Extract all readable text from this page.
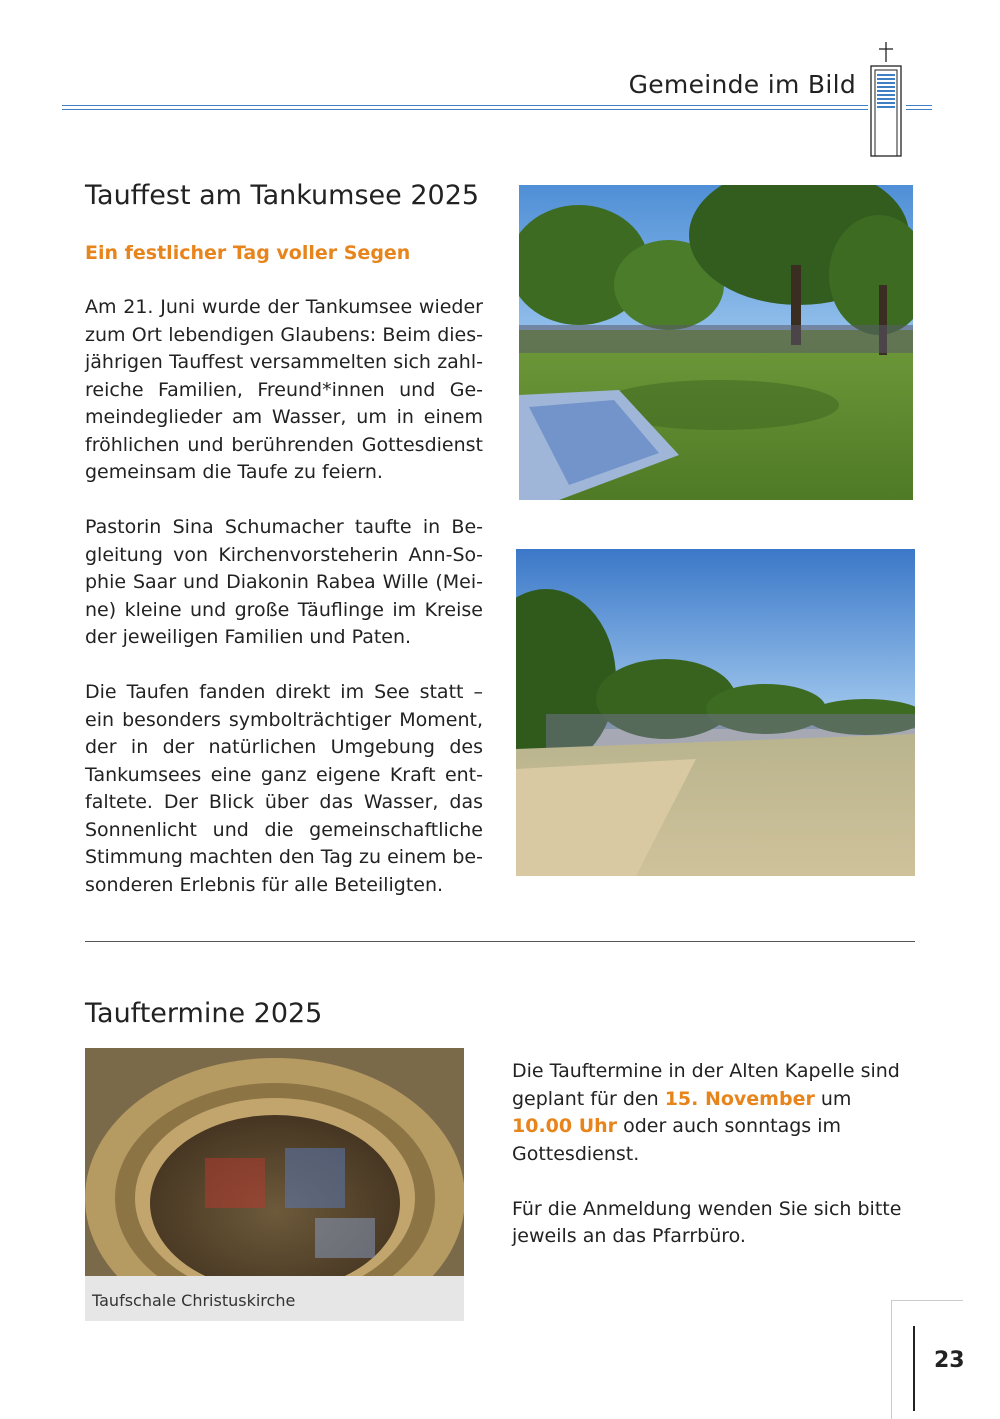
Gemeinde im Bild
Tauffest am Tankumsee 2025
Ein festlicher Tag voller Segen

Am 21. Juni wurde der Tankumsee wieder zum Ort lebendigen Glaubens: Beim diesjährigen Tauffest versammelten sich zahlreiche Familien, Freund*innen und Gemeindeglieder am Wasser, um in einem fröhlichen und berührenden Gottesdienst gemeinsam die Taufe zu feiern.

Pastorin Sina Schumacher taufte in Begleitung von Kirchenvorsteherin Ann-Sophie Saar und Diakonin Rabea Wille (Meine) kleine und große Täuflinge im Kreise der jeweiligen Familien und Paten.

Die Taufen fanden direkt im See statt – ein besonders symbolträchtiger Moment, der in der natürlichen Umgebung des Tankumsees eine ganz eigene Kraft entfaltete. Der Blick über das Wasser, das Sonnenlicht und die gemeinschaftliche Stimmung machten den Tag zu einem besonderen Erlebnis für alle Beteiligten.

Tauftermine 2025
Taufschale Christuskirche

Die Tauftermine in der Alten Kapelle sind geplant für den 15. November um 10.00 Uhr oder auch sonntags im Gottesdienst.

Für die Anmeldung wenden Sie sich bitte jeweils an das Pfarrbüro.

23
